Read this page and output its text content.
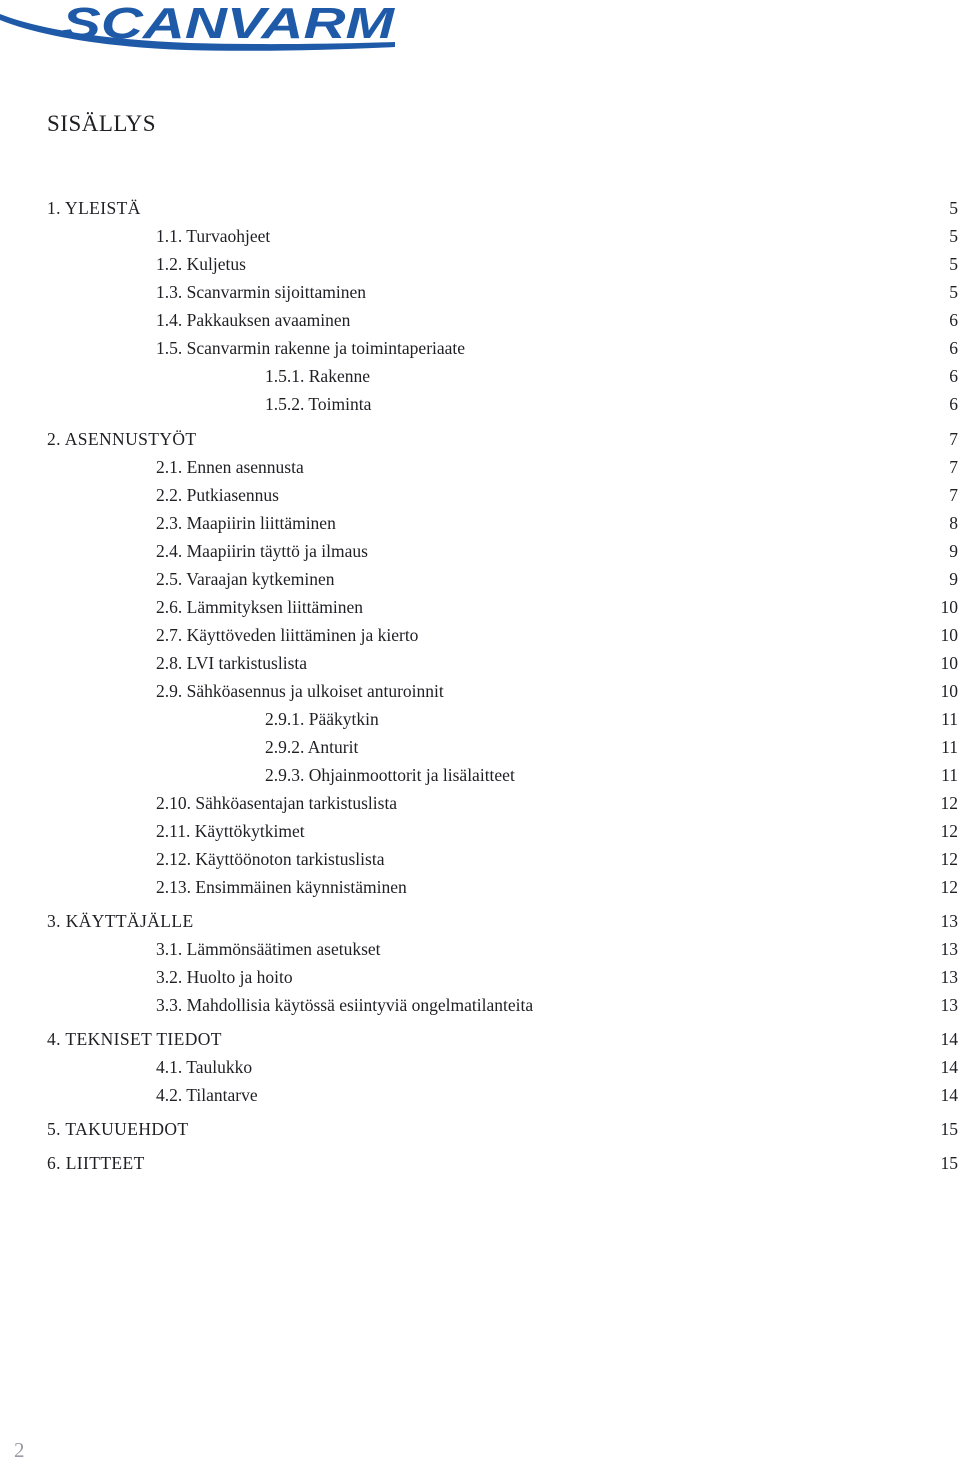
SCANVARM
SISÄLLYS
1. YLEISTÄ	5
1.1. Turvaohjeet	5
1.2. Kuljetus	5
1.3. Scanvarmin sijoittaminen	5
1.4. Pakkauksen avaaminen	6
1.5. Scanvarmin rakenne ja toimintaperiaate	6
1.5.1. Rakenne	6
1.5.2. Toiminta	6
2. ASENNUSTYÖT	7
2.1. Ennen asennusta	7
2.2. Putkiasennus	7
2.3. Maapiirin liittäminen	8
2.4. Maapiirin täyttö ja ilmaus	9
2.5. Varaajan kytkeminen	9
2.6. Lämmityksen liittäminen	10
2.7. Käyttöveden liittäminen ja kierto	10
2.8. LVI tarkistuslista	10
2.9. Sähköasennus ja ulkoiset anturoinnit	10
2.9.1. Pääkytkin	11
2.9.2. Anturit	11
2.9.3. Ohjainmoottorit ja lisälaitteet	11
2.10. Sähköasentajan tarkistuslista	12
2.11. Käyttökytkimet	12
2.12. Käyttöönoton tarkistuslista	12
2.13. Ensimmäinen käynnistäminen	12
3. KÄYTTÄJÄLLE	13
3.1. Lämmönsäätimen asetukset	13
3.2. Huolto ja hoito	13
3.3. Mahdollisia käytössä esiintyviä ongelmatilanteita	13
4. TEKNISET TIEDOT	14
4.1. Taulukko	14
4.2. Tilantarve	14
5. TAKUUEHDOT	15
6. LIITTEET	15
2
